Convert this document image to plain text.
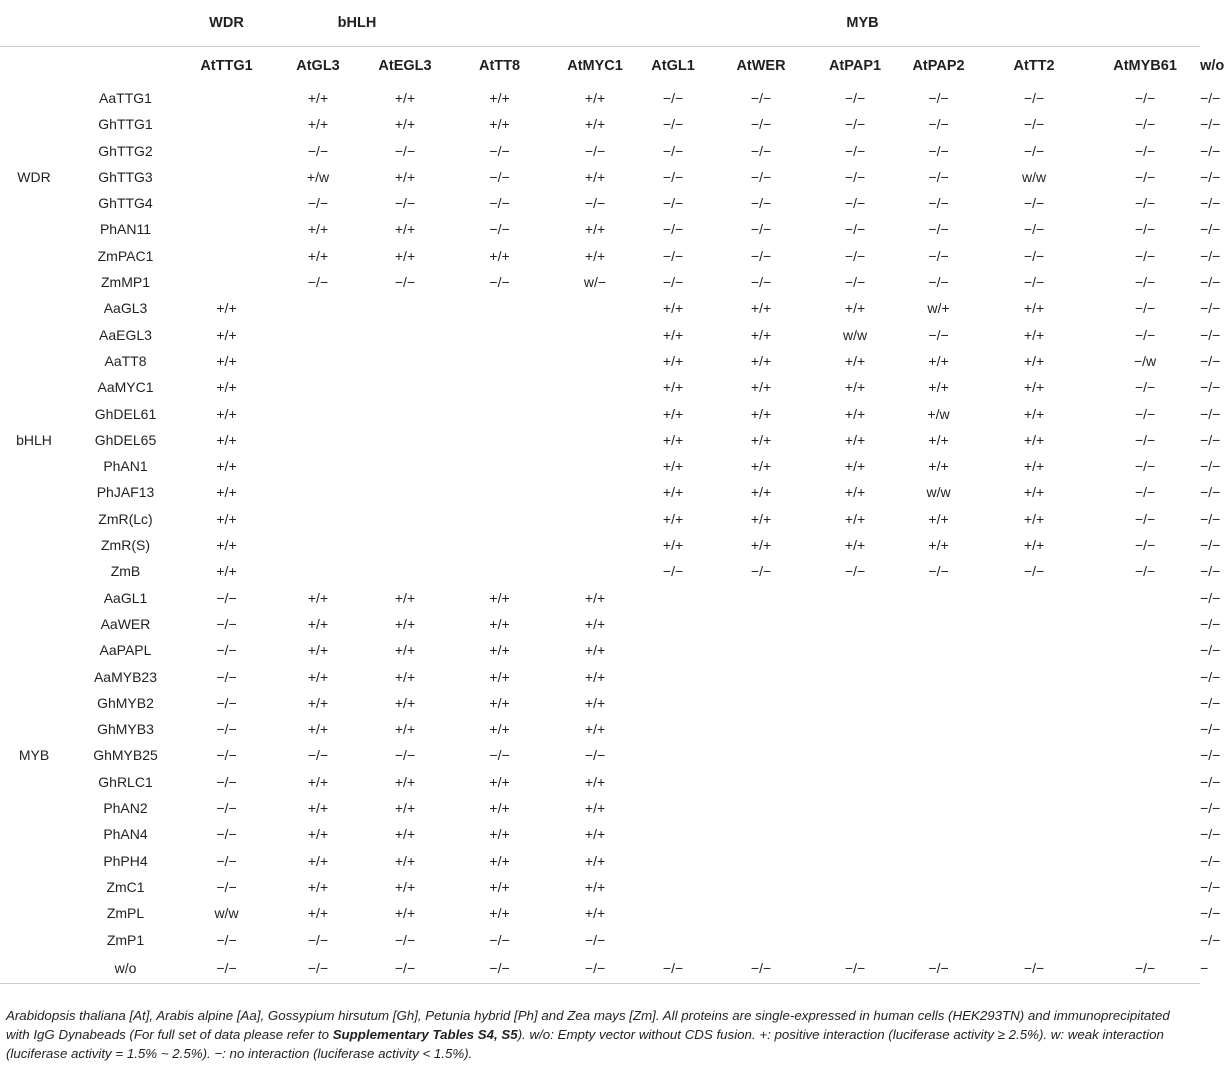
		WDR	bHLH				MYB						
		AtTTG1	AtGL3	AtEGL3	AtTT8	AtMYC1	AtGL1	AtWER	AtPAP1	AtPAP2	AtTT2	AtMYB61	w/o
	AaTTG1		+/+	+/+	+/+	+/+	−/−	−/−	−/−	−/−	−/−	−/−	−/−
	GhTTG1		+/+	+/+	+/+	+/+	−/−	−/−	−/−	−/−	−/−	−/−	−/−
	GhTTG2		−/−	−/−	−/−	−/−	−/−	−/−	−/−	−/−	−/−	−/−	−/−
WDR	GhTTG3		+/w	+/+	−/−	+/+	−/−	−/−	−/−	−/−	w/w	−/−	−/−
	GhTTG4		−/−	−/−	−/−	−/−	−/−	−/−	−/−	−/−	−/−	−/−	−/−
	PhAN11		+/+	+/+	−/−	+/+	−/−	−/−	−/−	−/−	−/−	−/−	−/−
	ZmPAC1		+/+	+/+	+/+	+/+	−/−	−/−	−/−	−/−	−/−	−/−	−/−
	ZmMP1		−/−	−/−	−/−	w/−	−/−	−/−	−/−	−/−	−/−	−/−	−/−
	AaGL3	+/+					+/+	+/+	+/+	w/+	+/+	−/−	−/−
	AaEGL3	+/+					+/+	+/+	w/w	−/−	+/+	−/−	−/−
	AaTT8	+/+					+/+	+/+	+/+	+/+	+/+	−/w	−/−
	AaMYC1	+/+					+/+	+/+	+/+	+/+	+/+	−/−	−/−
	GhDEL61	+/+					+/+	+/+	+/+	+/w	+/+	−/−	−/−
bHLH	GhDEL65	+/+					+/+	+/+	+/+	+/+	+/+	−/−	−/−
	PhAN1	+/+					+/+	+/+	+/+	+/+	+/+	−/−	−/−
	PhJAF13	+/+					+/+	+/+	+/+	w/w	+/+	−/−	−/−
	ZmR(Lc)	+/+					+/+	+/+	+/+	+/+	+/+	−/−	−/−
	ZmR(S)	+/+					+/+	+/+	+/+	+/+	+/+	−/−	−/−
	ZmB	+/+					−/−	−/−	−/−	−/−	−/−	−/−	−/−
	AaGL1	−/−	+/+	+/+	+/+	+/+							−/−
	AaWER	−/−	+/+	+/+	+/+	+/+							−/−
	AaPAPL	−/−	+/+	+/+	+/+	+/+							−/−
	AaMYB23	−/−	+/+	+/+	+/+	+/+							−/−
	GhMYB2	−/−	+/+	+/+	+/+	+/+							−/−
	GhMYB3	−/−	+/+	+/+	+/+	+/+							−/−
MYB	GhMYB25	−/−	−/−	−/−	−/−	−/−							−/−
	GhRLC1	−/−	+/+	+/+	+/+	+/+							−/−
	PhAN2	−/−	+/+	+/+	+/+	+/+							−/−
	PhAN4	−/−	+/+	+/+	+/+	+/+							−/−
	PhPH4	−/−	+/+	+/+	+/+	+/+							−/−
	ZmC1	−/−	+/+	+/+	+/+	+/+							−/−
	ZmPL	w/w	+/+	+/+	+/+	+/+							−/−
	ZmP1	−/−	−/−	−/−	−/−	−/−							−/−
	w/o	−/−	−/−	−/−	−/−	−/−	−/−	−/−	−/−	−/−	−/−	−/−	−
Arabidopsis thaliana [At], Arabis alpine [Aa], Gossypium hirsutum [Gh], Petunia hybrid [Ph] and Zea mays [Zm]. All proteins are single-expressed in human cells (HEK293TN) and immunoprecipitated with IgG Dynabeads (For full set of data please refer to Supplementary Tables S4, S5). w/o: Empty vector without CDS fusion. +: positive interaction (luciferase activity ≥ 2.5%). w: weak interaction (luciferase activity = 1.5% ~ 2.5%). −: no interaction (luciferase activity < 1.5%).
